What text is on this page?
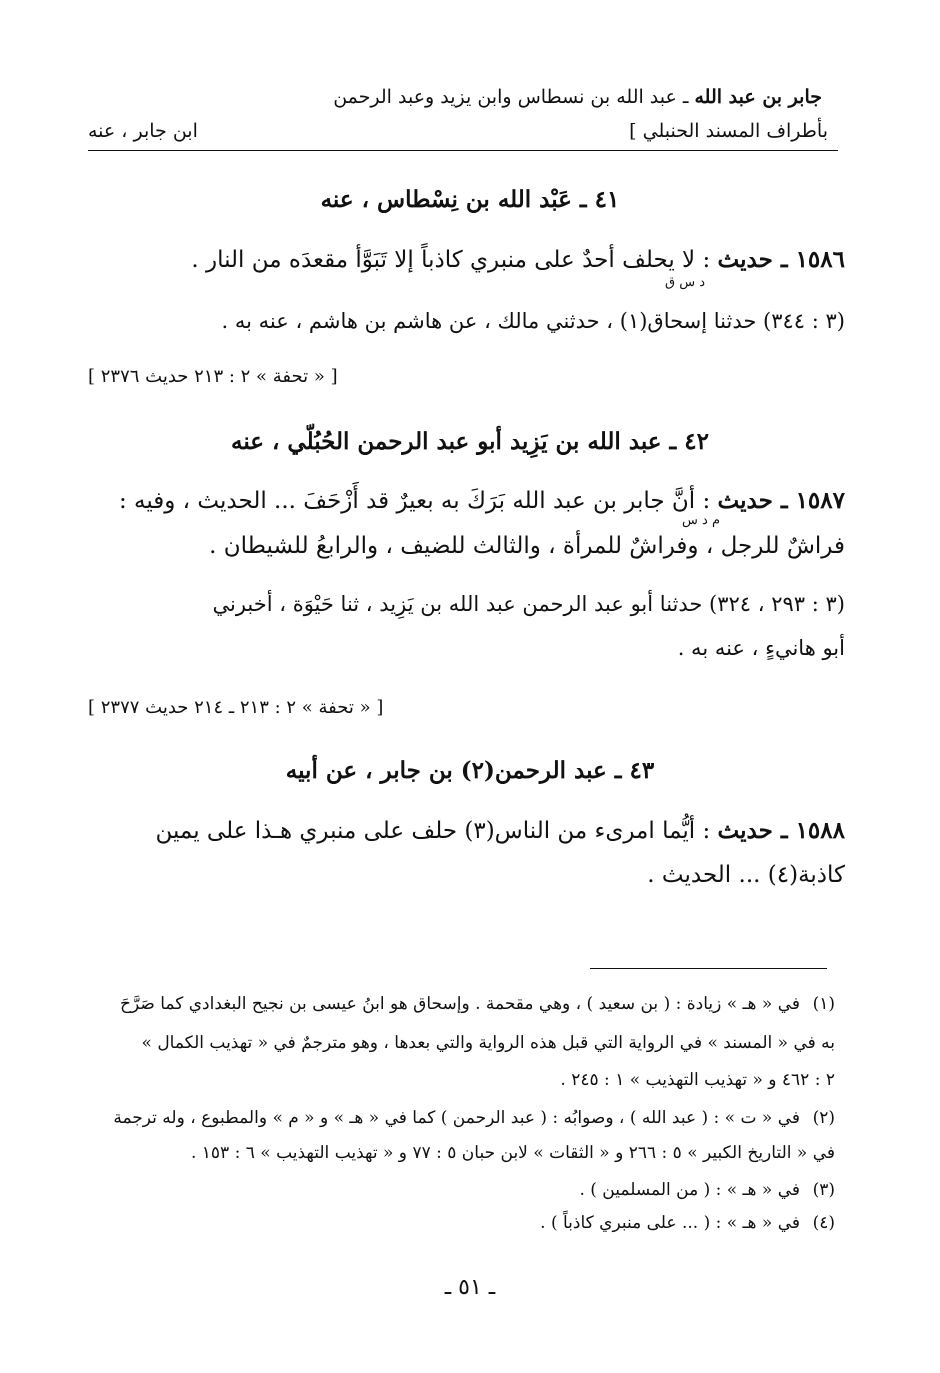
جابر بن عبد الله ـ عبد الله بن نسطاس وابن يزيد وعبد الرحمن
بأطراف المسند الحنبلي ]
ابن جابر ، عنه
٤١ ـ عَبْد الله بن نِسْطاس ، عنه
١٥٨٦ ـ حديث : لا يحلف أحدٌ على منبري كاذباً إلا تَبَوَّأ مقعدَه من النار .
د س ق
(٣ : ٣٤٤) حدثنا إسحاق(١) ، حدثني مالك ، عن هاشم بن هاشم ، عنه به .
[ « تحفة » ٢ : ٢١٣ حديث ٢٣٧٦ ]
٤٢ ـ عبد الله بن يَزِيد أبو عبد الرحمن الحُبُلّي ، عنه
١٥٨٧ ـ حديث : أنَّ جابر بن عبد الله بَرَكَ به بعيرٌ قد أَزْحَفَ ... الحديث ، وفيه :
م د س
فراشٌ للرجل ، وفراشٌ للمرأة ، والثالث للضيف ، والرابعُ للشيطان .
(٣ : ٢٩٣ ، ٣٢٤) حدثنا أبو عبد الرحمن عبد الله بن يَزِيد ، ثنا حَيْوَة ، أخبرني
أبو هانيءٍ ، عنه به .
[ « تحفة » ٢ : ٢١٣ ـ ٢١٤ حديث ٢٣٧٧ ]
٤٣ ـ عبد الرحمن(٢) بن جابر ، عن أبيه
١٥٨٨ ـ حديث : أيُّما امرىء من الناس(٣) حلف على منبري هـذا على يمين
كاذبة(٤) ... الحديث .
(١)
في « هـ » زيادة : ( بن سعيد ) ، وهي مقحمة . وإسحاق هو ابنُ عيسى بن نجيح البغدادي كما صَرَّحَ
به في « المسند » في الرواية التي قبل هذه الرواية والتي بعدها ، وهو مترجمٌ في « تهذيب الكمال »
٢ : ٤٦٢ و « تهذيب التهذيب » ١ : ٢٤٥ .
(٢)
في « ت » : ( عبد الله ) ، وصوابُه : ( عبد الرحمن ) كما في « هـ » و « م » والمطبوع ، وله ترجمة
في « التاريخ الكبير » ٥ : ٢٦٦ و « الثقات » لابن حبان ٥ : ٧٧ و « تهذيب التهذيب » ٦ : ١٥٣ .
(٣)
في « هـ » : ( من المسلمين ) .
(٤)
في « هـ » : ( ... على منبري كاذباً ) .
ـ ٥١ ـ
